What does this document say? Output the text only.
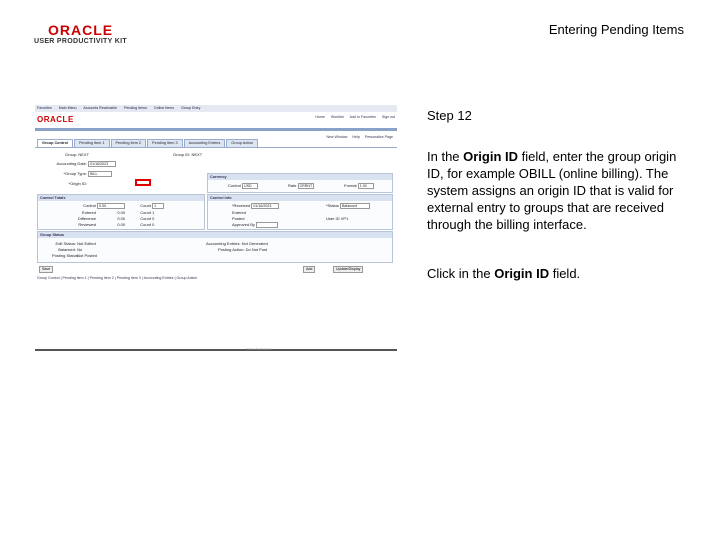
ORACLE
USER PRODUCTIVITY KIT
Entering Pending Items
Favorites Main Menu Accounts Receivable Pending Items Online Items Group Entry
ORACLE	Home Worklist Add to Favorites Sign out
New Window Help Personalize Page
Group Control	Pending Item 1	Pending Item 2	Pending Item 3	Accounting Entries	Group Action
Group: NEXT	Group ID: NEXT
Accounting Date: 01/16/2023
*Group Type: BILL
*Origin ID:
Currency
Control USD	Rate CRRNT	Format 1.00
Control Totals
Control 0.00	Count 1
Entered	0.00	Count 1
Difference	0.00	Count 0
Reviewed	0.00	Count 0
Control Info
*Received 01/16/2023
Entered
Posted
Approved By
*Status Balanced
User ID VP1
Group Status
Edit Status: Not Edited
Balanced: No
Posting Status: Not Posted
Accounting Entries: Not Generated
Posting Action: Do Not Post
Save	Add	Update/Display
Group Control | Pending Item 1 | Pending Item 2 | Pending Item 3 | Accounting Entries | Group Action
Oracle Applications
Step 12
In the Origin ID field, enter the group origin ID, for example OBILL (online billing). The system assigns an origin ID that is valid for external entry to groups that are received through the billing interface.
Click in the Origin ID field.
